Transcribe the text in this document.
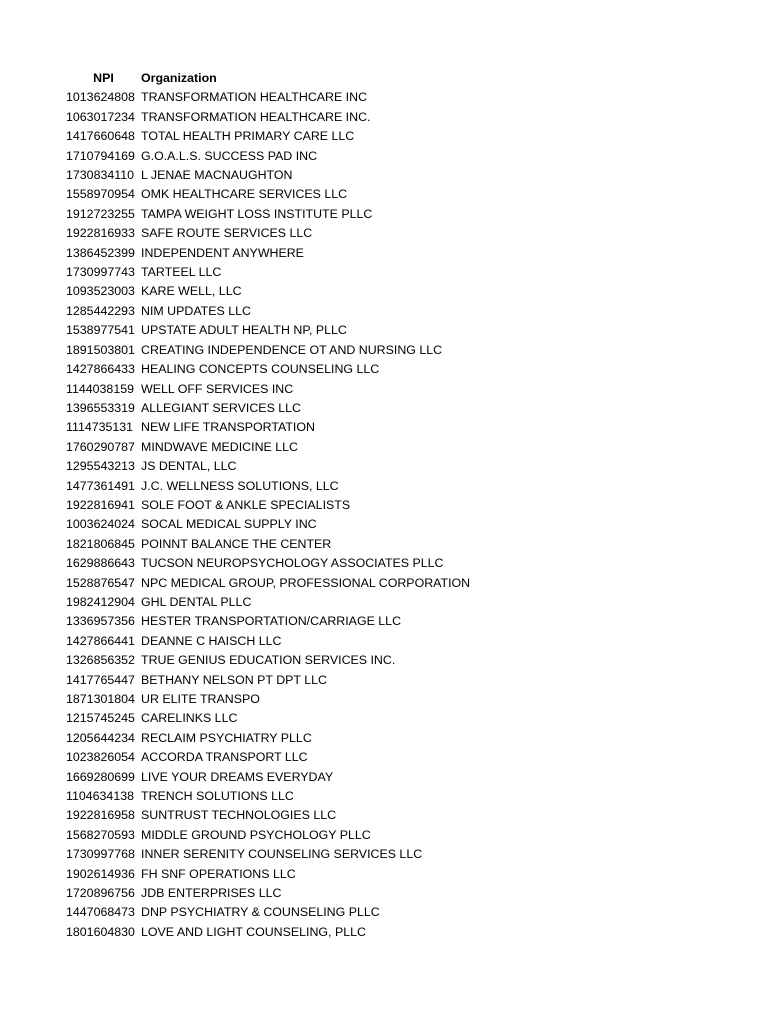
NPI	Organization
1013624808	TRANSFORMATION HEALTHCARE INC
1063017234	TRANSFORMATION HEALTHCARE INC.
1417660648	TOTAL HEALTH PRIMARY CARE LLC
1710794169	G.O.A.L.S. SUCCESS PAD INC
1730834110	L JENAE MACNAUGHTON
1558970954	OMK HEALTHCARE SERVICES LLC
1912723255	TAMPA WEIGHT LOSS INSTITUTE PLLC
1922816933	SAFE ROUTE SERVICES LLC
1386452399	INDEPENDENT ANYWHERE
1730997743	TARTEEL LLC
1093523003	KARE WELL, LLC
1285442293	NIM UPDATES LLC
1538977541	UPSTATE ADULT HEALTH NP, PLLC
1891503801	CREATING INDEPENDENCE OT AND NURSING LLC
1427866433	HEALING CONCEPTS COUNSELING LLC
1144038159	WELL OFF SERVICES INC
1396553319	ALLEGIANT SERVICES LLC
1114735131	NEW LIFE TRANSPORTATION
1760290787	MINDWAVE MEDICINE LLC
1295543213	JS DENTAL, LLC
1477361491	J.C. WELLNESS SOLUTIONS, LLC
1922816941	SOLE FOOT & ANKLE SPECIALISTS
1003624024	SOCAL MEDICAL SUPPLY INC
1821806845	POINNT BALANCE THE CENTER
1629886643	TUCSON NEUROPSYCHOLOGY ASSOCIATES PLLC
1528876547	NPC MEDICAL GROUP, PROFESSIONAL CORPORATION
1982412904	GHL DENTAL PLLC
1336957356	HESTER TRANSPORTATION/CARRIAGE LLC
1427866441	DEANNE C HAISCH LLC
1326856352	TRUE GENIUS EDUCATION SERVICES INC.
1417765447	BETHANY NELSON PT DPT LLC
1871301804	UR ELITE TRANSPO
1215745245	CARELINKS LLC
1205644234	RECLAIM PSYCHIATRY PLLC
1023826054	ACCORDA TRANSPORT LLC
1669280699	LIVE YOUR DREAMS EVERYDAY
1104634138	TRENCH SOLUTIONS LLC
1922816958	SUNTRUST TECHNOLOGIES LLC
1568270593	MIDDLE GROUND PSYCHOLOGY PLLC
1730997768	INNER SERENITY COUNSELING SERVICES LLC
1902614936	FH SNF OPERATIONS LLC
1720896756	JDB ENTERPRISES LLC
1447068473	DNP PSYCHIATRY & COUNSELING PLLC
1801604830	LOVE AND LIGHT COUNSELING, PLLC
